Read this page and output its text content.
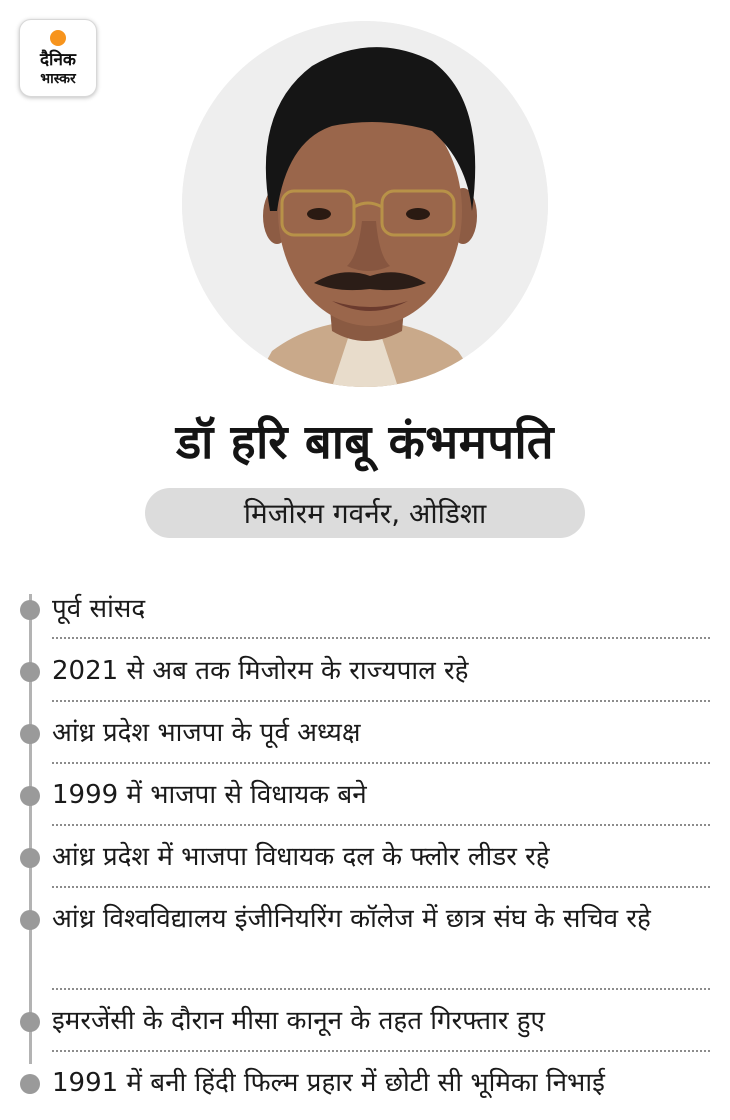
दैनिक
भास्कर
डॉ हरि बाबू कंभमपति
मिजोरम गवर्नर, ओडिशा
पूर्व सांसद
2021 से अब तक मिजोरम के राज्यपाल रहे
आंध्र प्रदेश भाजपा के पूर्व अध्यक्ष
1999 में भाजपा से विधायक बने
आंध्र प्रदेश में भाजपा विधायक दल के फ्लोर लीडर रहे
आंध्र विश्वविद्यालय इंजीनियरिंग कॉलेज में छात्र संघ के सचिव रहे
इमरजेंसी के दौरान मीसा कानून के तहत गिरफ्तार हुए
1991 में बनी हिंदी फिल्म प्रहार में छोटी सी भूमिका निभाई
